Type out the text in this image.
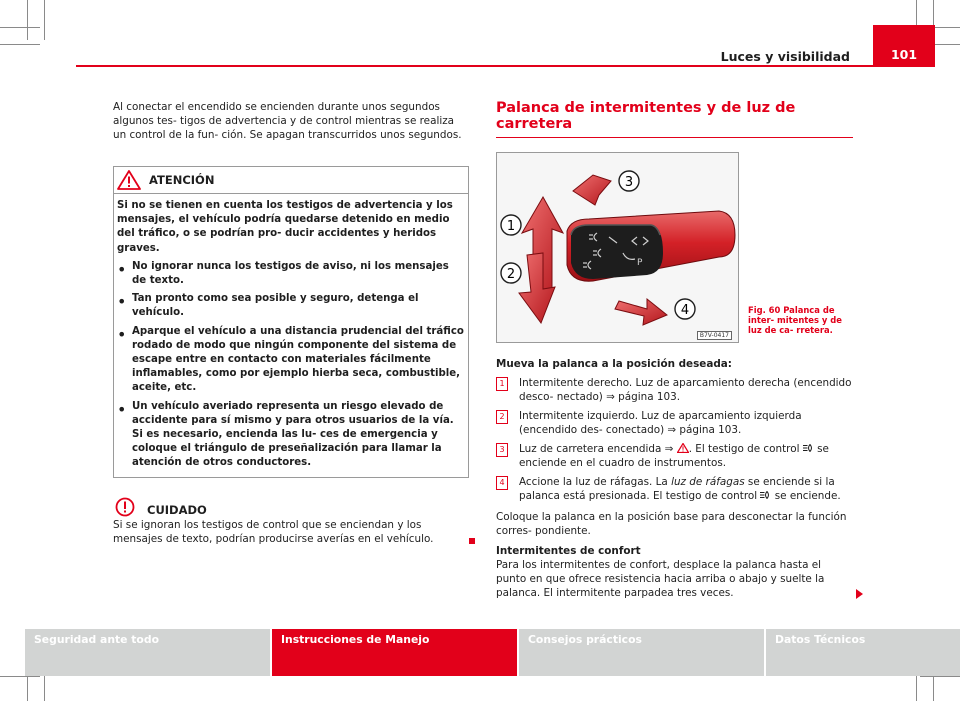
Luces y visibilidad	101

Al conectar el encendido se encienden durante unos segundos algunos tes- tigos de advertencia y de control mientras se realiza un control de la fun- ción. Se apagan transcurridos unos segundos.

ATENCIÓN

Si no se tienen en cuenta los testigos de advertencia y los mensajes, el vehículo podría quedarse detenido en medio del tráfico, o se podrían pro- ducir accidentes y heridos graves.

• No ignorar nunca los testigos de aviso, ni los mensajes de texto.

• Tan pronto como sea posible y seguro, detenga el vehículo.

• Aparque el vehículo a una distancia prudencial del tráfico rodado de modo que ningún componente del sistema de escape entre en contacto con materiales fácilmente inflamables, como por ejemplo hierba seca, combustible, aceite, etc.

• Un vehículo averiado representa un riesgo elevado de accidente para sí mismo y para otros usuarios de la vía. Si es necesario, encienda las lu- ces de emergencia y coloque el triángulo de preseñalización para llamar la atención de otros conductores.

CUIDADO

Si se ignoran los testigos de control que se enciendan y los mensajes de texto, podrían producirse averías en el vehículo.

Palanca de intermitentes y de luz de carretera
P
1
2
3
4
B7V-0417
Fig. 60 Palanca de inter- mitentes y de luz de ca- rretera.

Mueva la palanca a la posición deseada:

1	Intermitente derecho. Luz de aparcamiento derecha (encendido desco- nectado) ⇒ página 103.

2	Intermitente izquierdo. Luz de aparcamiento izquierda (encendido des- conectado) ⇒ página 103.

3	Luz de carretera encendida ⇒ . El testigo de control  se enciende en el cuadro de instrumentos.

4	Accione la luz de ráfagas. La luz de ráfagas se enciende si la palanca está presionada. El testigo de control  se enciende.

Coloque la palanca en la posición base para desconectar la función corres- pondiente.

Intermitentes de confort

Para los intermitentes de confort, desplace la palanca hasta el punto en que ofrece resistencia hacia arriba o abajo y suelte la palanca. El intermitente parpadea tres veces.

Seguridad ante todo	Instrucciones de Manejo	Consejos prácticos	Datos Técnicos
